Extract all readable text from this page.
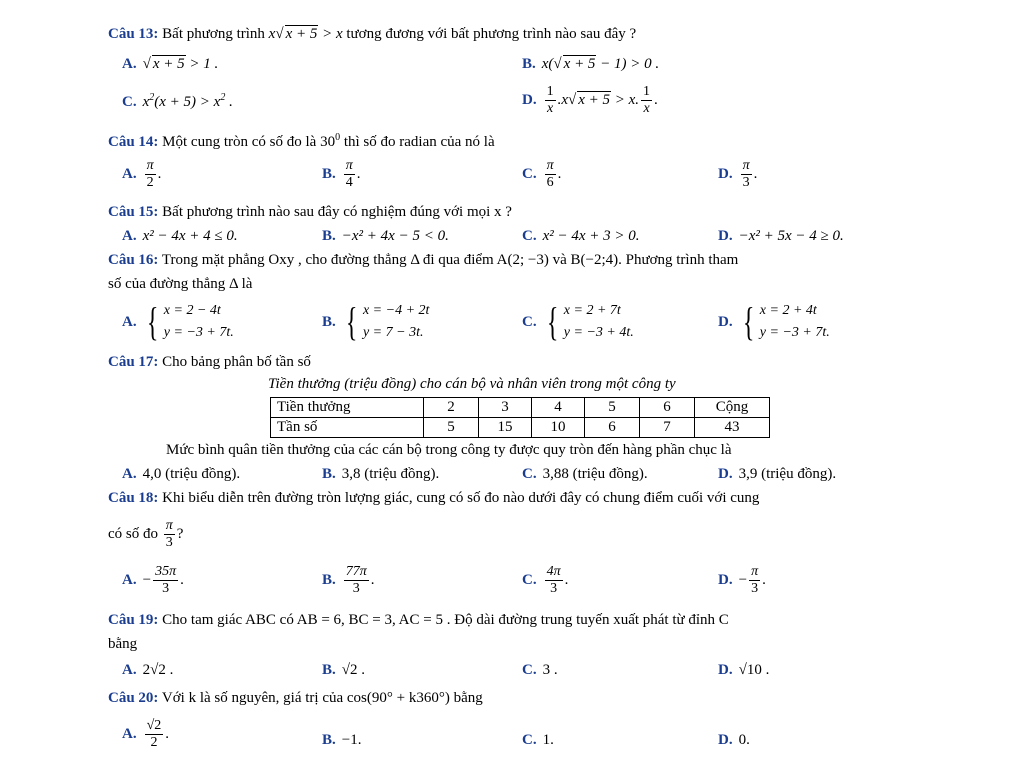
Câu 13: Bất phương trình x√ x + 5 > x tương đương với bất phương trình nào sau đây ?
A. √ x + 5 > 1 .	B. x(√ x + 5 − 1) > 0 .
C. $x^2(x + 5) > x^2$ .	D. $\frac{1}{x} .x√$ x + 5 > x. $\frac{1}{x}$ .
Câu 14: Một cung tròn có số đo là $30^0$ thì số đo radian của nó là
A. $\frac{\pi}{2}$ .	B. $\frac{\pi}{4}$ .	C. $\frac{\pi}{6}$ .	D. $\frac{\pi}{3}$ .
Câu 15: Bất phương trình nào sau đây có nghiệm đúng với mọi x ?
A. x² − 4x + 4 ≤ 0.	B. −x² + 4x − 5 < 0.	C. x² − 4x + 3 > 0.	D. −x² + 5x − 4 ≥ 0.
Câu 16: Trong mặt phẳng Oxy , cho đường thẳng Δ đi qua điểm A(2; −3) và B(−2;4). Phương trình tham
số của đường thẳng Δ là
A. { x = 2 − 4t
y = −3 + 7t.
B. { x = −4 + 2t
y = 7 − 3t.
C. { x = 2 + 7t
y = −3 + 4t.
D. { x = 2 + 4t
y = −3 + 7t.
Câu 17: Cho bảng phân bố tần số
Tiền thưởng (triệu đồng) cho cán bộ và nhân viên trong một công ty
Tiền thưởng	2	3	4	5	6	Cộng
Tần số	5	15	10	6	7	43
Mức bình quân tiền thưởng của các cán bộ trong công ty được quy tròn đến hàng phần chục là
A. 4,0 (triệu đồng).	B. 3,8 (triệu đồng).	C. 3,88 (triệu đồng).	D. 3,9 (triệu đồng).
Câu 18: Khi biểu diễn trên đường tròn lượng giác, cung có số đo nào dưới đây có chung điểm cuối với cung
có số đo $\frac{\pi}{3}$ ?
A. − $\frac{35\pi}{3}$ .	B. $\frac{77\pi}{3}$ .	C. $\frac{4\pi}{3}$ .	D. − $\frac{\pi}{3}$ .
Câu 19: Cho tam giác ABC có AB = 6, BC = 3, AC = 5 . Độ dài đường trung tuyến xuất phát từ đỉnh C
bằng
A. 2√2 .	B. √2 .	C. 3 .	D. √10 .
Câu 20: Với k là số nguyên, giá trị của cos(90° + k360°) bằng
A. $\frac{√2}{2}$ .	B. −1.	C. 1.	D. 0.
